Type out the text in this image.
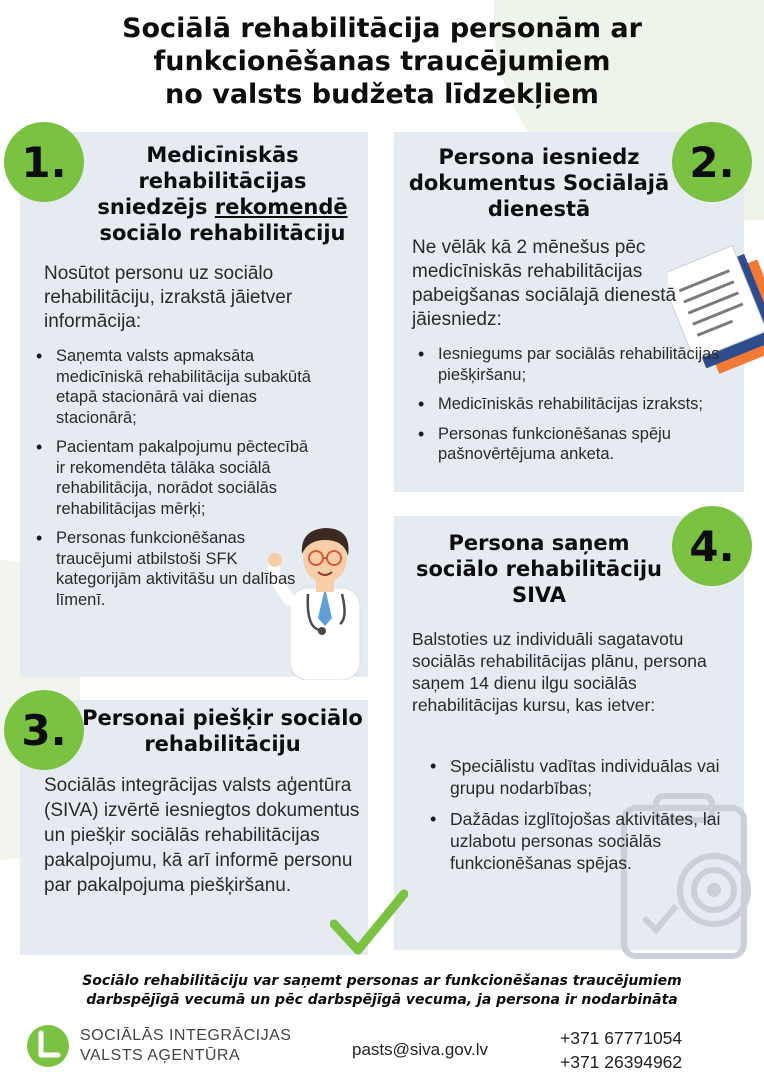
Sociālā rehabilitācija personām ar
funkcionēšanas traucējumiem
no valsts budžeta līdzekļiem
1.	Medicīniskās rehabilitācijas sniedzējs rekomendē sociālo rehabilitāciju
Nosūtot personu uz sociālo rehabilitāciju, izrakstā jāietver informācija:
• Saņemta valsts apmaksāta medicīniskā rehabilitācija subakūtā etapā stacionārā vai dienas stacionārā;
• Pacientam pakalpojumu pēctecībā ir rekomendēta tālāka sociālā rehabilitācija, norādot sociālās rehabilitācijas mērķi;
• Personas funkcionēšanas traucējumi atbilstoši SFK kategorijām aktivitāšu un dalības līmenī.
2.
Persona iesniedz dokumentus Sociālajā dienestā
Ne vēlāk kā 2 mēnešus pēc medicīniskās rehabilitācijas pabeigšanas sociālajā dienestā jāiesniedz:
• Iesniegums par sociālās rehabilitācijas piešķiršanu;
• Medicīniskās rehabilitācijas izraksts;
• Personas funkcionēšanas spēju pašnovērtējuma anketa.
4.
Persona saņem sociālo rehabilitāciju SIVA
Balstoties uz individuāli sagatavotu sociālās rehabilitācijas plānu, persona saņem 14 dienu ilgu sociālās rehabilitācijas kursu, kas ietver:
• Speciālistu vadītas individuālas vai grupu nodarbības;
• Dažādas izglītojošas aktivitātes, lai uzlabotu personas sociālās funkcionēšanas spējas.
3. Personai piešķir sociālo rehabilitāciju
Sociālās integrācijas valsts aģentūra (SIVA) izvērtē iesniegtos dokumentus un piešķir sociālās rehabilitācijas pakalpojumu, kā arī informē personu par pakalpojuma piešķiršanu.
Sociālo rehabilitāciju var saņemt personas ar funkcionēšanas traucējumiem
darbspējīgā vecumā un pēc darbspējīgā vecuma, ja persona ir nodarbināta
SOCIĀLĀS INTEGRĀCIJAS
VALSTS AĢENTŪRA	pasts@siva.gov.lv
+371 67771054
+371 26394962
